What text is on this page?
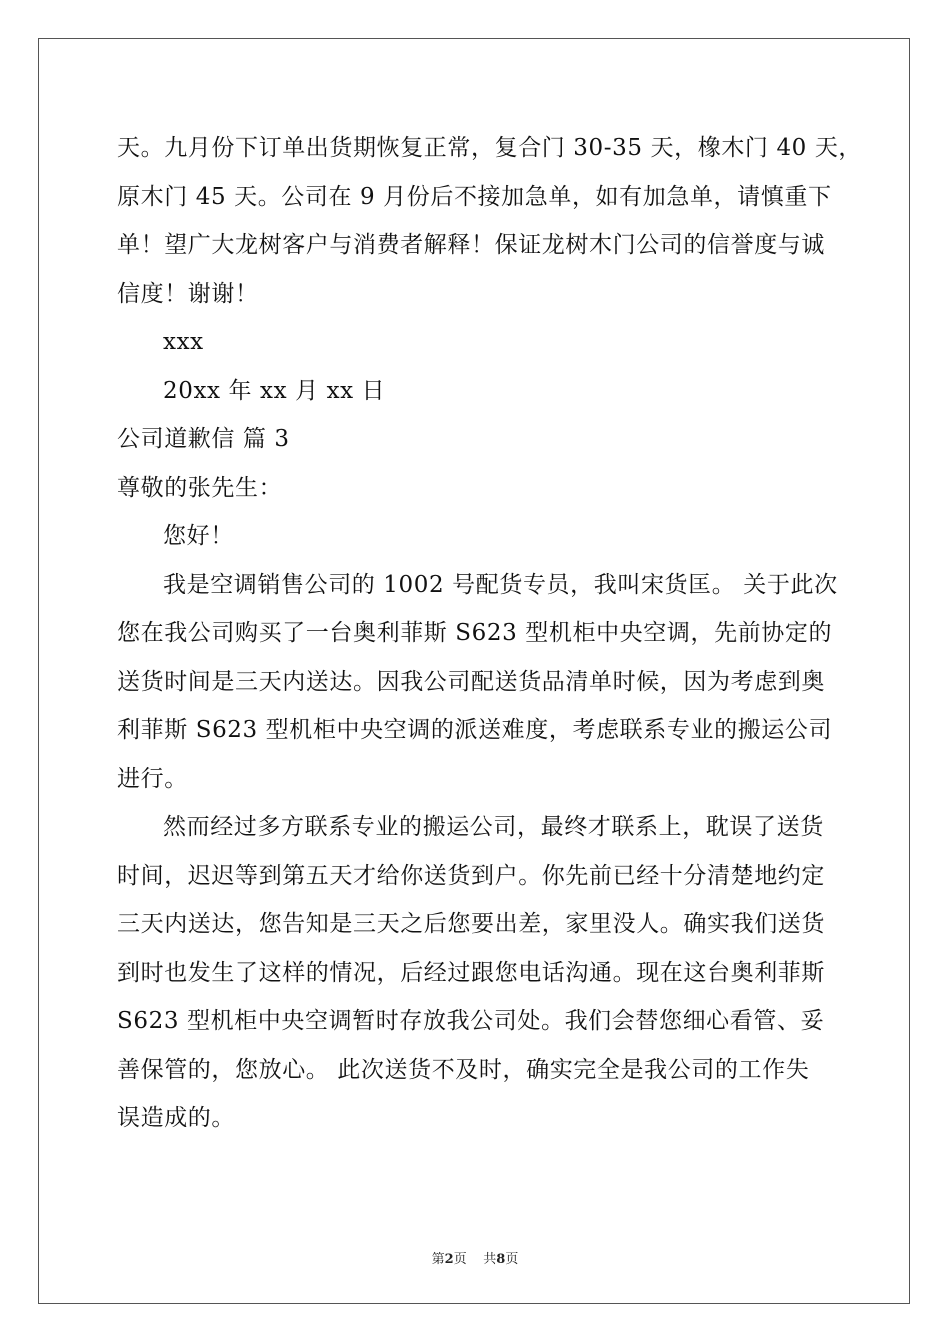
天。九月份下订单出货期恢复正常，复合门 30-35 天，橡木门 40 天，
原木门 45 天。公司在 9 月份后不接加急单，如有加急单，请慎重下
单！望广大龙树客户与消费者解释！保证龙树木门公司的信誉度与诚
信度！谢谢！
xxx
20xx 年 xx 月 xx 日
公司道歉信 篇 3
尊敬的张先生：
您好！
我是空调销售公司的 1002 号配货专员，我叫宋货匡。 关于此次
您在我公司购买了一台奥利菲斯 S623 型机柜中央空调，先前协定的
送货时间是三天内送达。因我公司配送货品清单时候，因为考虑到奥
利菲斯 S623 型机柜中央空调的派送难度，考虑联系专业的搬运公司
进行。
然而经过多方联系专业的搬运公司，最终才联系上，耽误了送货
时间，迟迟等到第五天才给你送货到户。你先前已经十分清楚地约定
三天内送达，您告知是三天之后您要出差，家里没人。确实我们送货
到时也发生了这样的情况，后经过跟您电话沟通。现在这台奥利菲斯
S623 型机柜中央空调暂时存放我公司处。我们会替您细心看管、妥
善保管的，您放心。 此次送货不及时，确实完全是我公司的工作失
误造成的。
第2页 共8页
